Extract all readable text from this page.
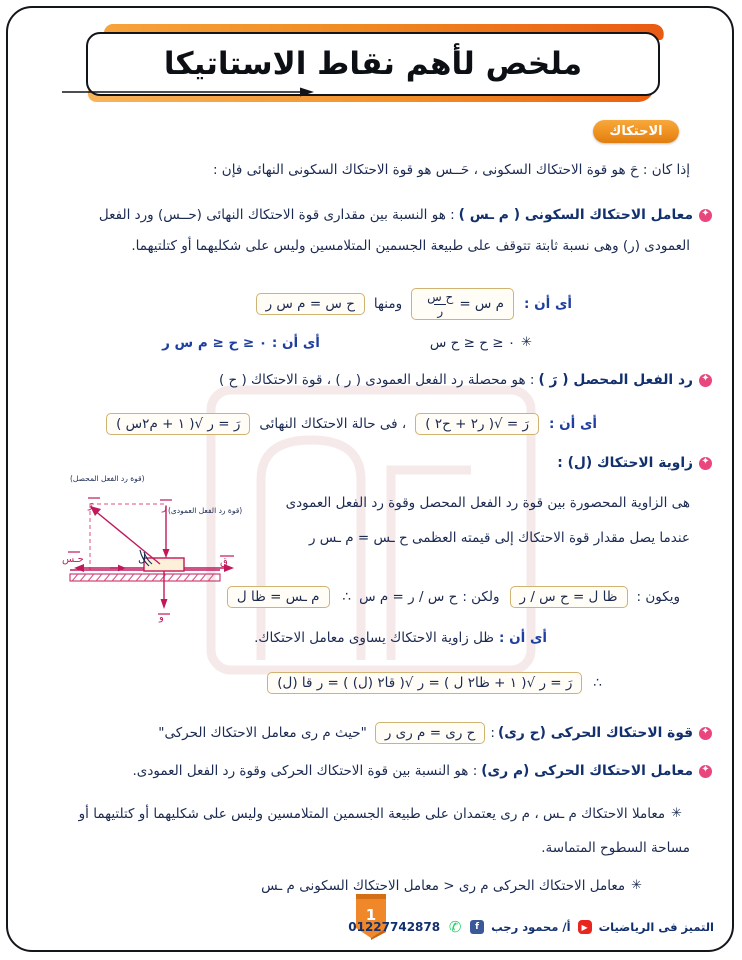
ملخص لأهم نقاط الاستاتيكا
الاحتكاك
إذا كان : حَ هو قوة الاحتكاك السكونى ، حَــس هو قوة الاحتكاك السكونى النهائى فإن :
✦
معامل الاحتكاك السكونى ( م ـس )
: هو النسبة بين مقدارى قوة الاحتكاك النهائى (حــس) ورد الفعل
العمودى (ر) وهى نسبة ثابتة تتوقف على طبيعة الجسمين المتلامسين وليس على شكليهما أو كتلتيهما.
أى أن :
م س =
$\frac{\text{ح س}}{\text{ر}}$
ومنها
ح س = م س ر
✳
٠ ≤ ح ≤ ح س
أى أن : ٠ ≤ ح ≤ م س ر
✦
رد الفعل المحصل ( رَ )
: هو محصلة رد الفعل العمودى ( ر ) ، قوة الاحتكاك ( ح )
أى أن :
رَ = √( ر٢ + ح٢ )
، فى حالة الاحتكاك النهائى
رَ = ر √( ١ + م٢س )
✦
زاوية الاحتكاك (ل) :
هى الزاوية المحصورة بين قوة رد الفعل المحصل وقوة رد الفعل العمودى
عندما يصل مقدار قوة الاحتكاك إلى قيمته العظمى ح ـس = م ـس ر
ويكون :
ظا ل = ح س / ر
ولكن :
ح س / ر = م س
∴
م ـس = ظا ل
أى أن :
ظل زاوية الاحتكاك يساوى معامل الاحتكاك.
∴
رَ = ر √( ١ + ظا٢ ل ) = ر √( قا٢ (ل) ) = ر قا (ل)
✦
قوة الاحتكاك الحركى (ح رى)
:
ح رى = م رى ر
"حيث م رى معامل الاحتكاك الحركى"
✦
معامل الاحتكاك الحركى (م رى)
: هو النسبة بين قوة الاحتكاك الحركى وقوة رد الفعل العمودى.
✳
معاملا الاحتكاك م ـس ، م رى يعتمدان على طبيعة الجسمين المتلامسين وليس على شكليهما أو كتلتيهما أو
مساحة السطوح المتماسة.
✳
معامل الاحتكاك الحركى م رى < معامل الاحتكاك السكونى م ـس
(قوة رد الفعل المحصل)
(قوة رد الفعل العمودى)
رَ	ر
حـس	ق
و
ل
1
التميز فى الرياضيات
▶
أ/ محمود رجب
f
✆
01227742878
